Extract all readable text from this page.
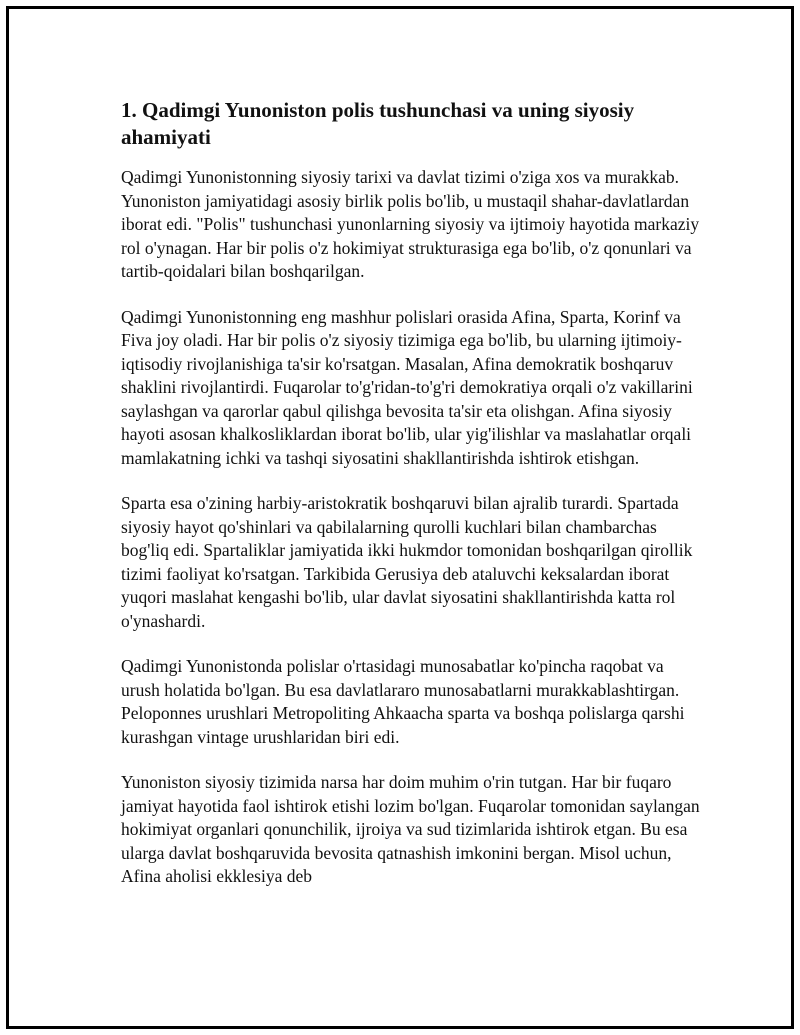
1. Qadimgi Yunoniston polis tushunchasi va uning siyosiy ahamiyati

Qadimgi Yunonistonning siyosiy tarixi va davlat tizimi o'ziga xos va murakkab. Yunoniston jamiyatidagi asosiy birlik polis bo'lib, u mustaqil shahar-davlatlardan iborat edi. "Polis" tushunchasi yunonlarning siyosiy va ijtimoiy hayotida markaziy rol o'ynagan. Har bir polis o'z hokimiyat strukturasiga ega bo'lib, o'z qonunlari va tartib-qoidalari bilan boshqarilgan.

Qadimgi Yunonistonning eng mashhur polislari orasida Afina, Sparta, Korinf va Fiva joy oladi. Har bir polis o'z siyosiy tizimiga ega bo'lib, bu ularning ijtimoiy-iqtisodiy rivojlanishiga ta'sir ko'rsatgan. Masalan, Afina demokratik boshqaruv shaklini rivojlantirdi. Fuqarolar to'g'ridan-to'g'ri demokratiya orqali o'z vakillarini saylashgan va qarorlar qabul qilishga bevosita ta'sir eta olishgan. Afina siyosiy hayoti asosan khalkosliklardan iborat bo'lib, ular yig'ilishlar va maslahatlar orqali mamlakatning ichki va tashqi siyosatini shakllantirishda ishtirok etishgan.

Sparta esa o'zining harbiy-aristokratik boshqaruvi bilan ajralib turardi. Spartada siyosiy hayot qo'shinlari va qabilalarning qurolli kuchlari bilan chambarchas bog'liq edi. Spartaliklar jamiyatida ikki hukmdor tomonidan boshqarilgan qirollik tizimi faoliyat ko'rsatgan. Tarkibida Gerusiya deb ataluvchi keksalardan iborat yuqori maslahat kengashi bo'lib, ular davlat siyosatini shakllantirishda katta rol o'ynashardi.

Qadimgi Yunonistonda polislar o'rtasidagi munosabatlar ko'pincha raqobat va urush holatida bo'lgan. Bu esa davlatlararo munosabatlarni murakkablashtirgan. Peloponnes urushlari Metropoliting Ahkaacha sparta va boshqa polislarga qarshi kurashgan vintage urushlaridan biri edi.

Yunoniston siyosiy tizimida narsa har doim muhim o'rin tutgan. Har bir fuqaro jamiyat hayotida faol ishtirok etishi lozim bo'lgan. Fuqarolar tomonidan saylangan hokimiyat organlari qonunchilik, ijroiya va sud tizimlarida ishtirok etgan. Bu esa ularga davlat boshqaruvida bevosita qatnashish imkonini bergan. Misol uchun, Afina aholisi ekklesiya deb
